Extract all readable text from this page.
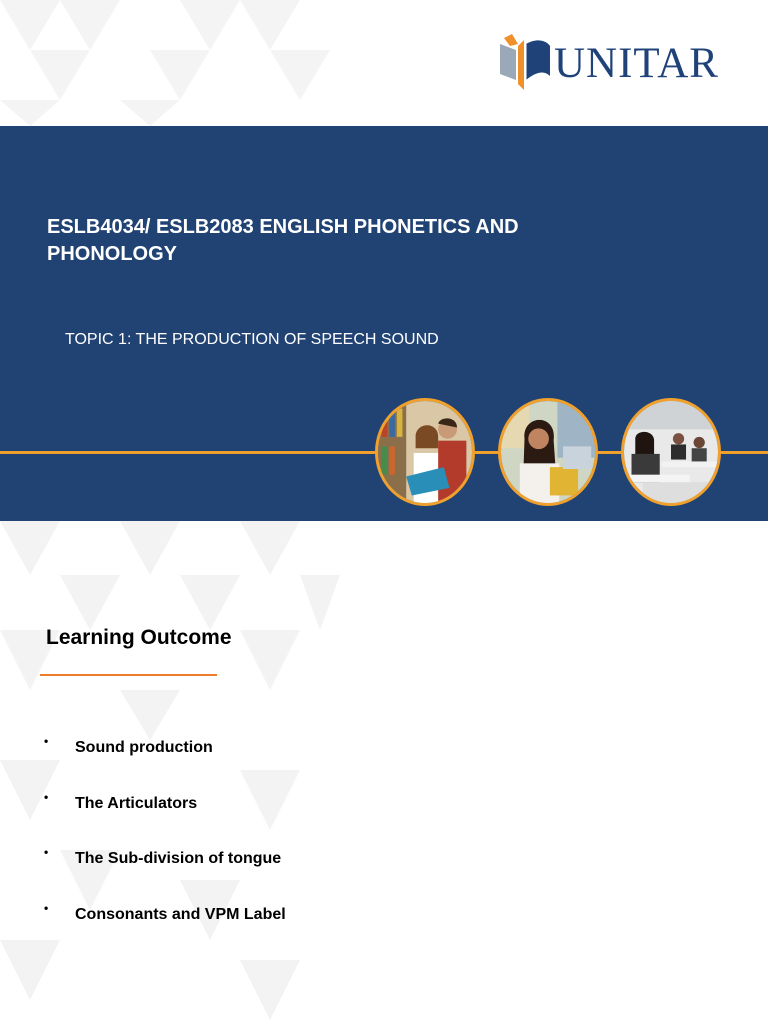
UNITAR
ESLB4034/ ESLB2083 ENGLISH PHONETICS AND PHONOLOGY
TOPIC 1: THE PRODUCTION OF SPEECH SOUND
Learning Outcome
• Sound production
• The Articulators
• The Sub-division of tongue
• Consonants and VPM Label
